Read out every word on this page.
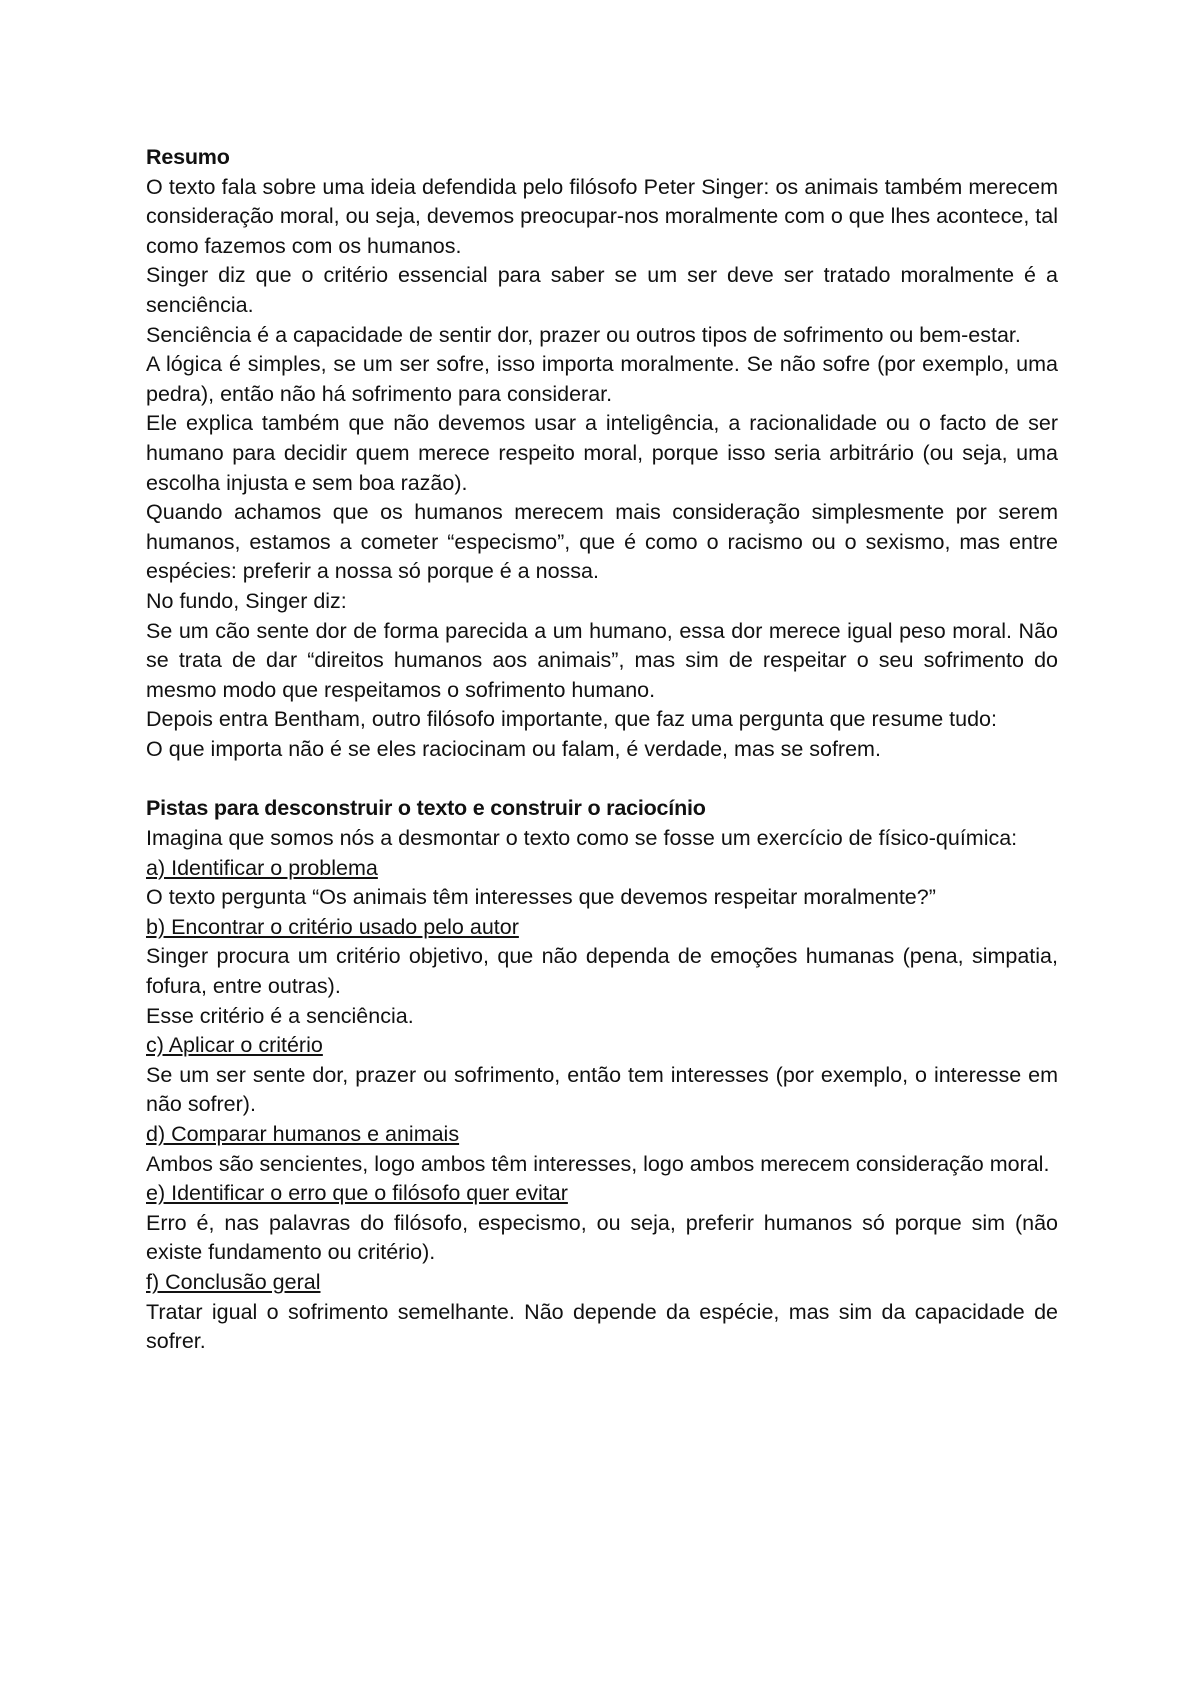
Resumo

O texto fala sobre uma ideia defendida pelo filósofo Peter Singer: os animais também merecem consideração moral, ou seja, devemos preocupar-nos moralmente com o que lhes acontece, tal como fazemos com os humanos.

Singer diz que o critério essencial para saber se um ser deve ser tratado moralmente é a senciência.

Senciência é a capacidade de sentir dor, prazer ou outros tipos de sofrimento ou bem-estar.

A lógica é simples, se um ser sofre, isso importa moralmente. Se não sofre (por exemplo, uma pedra), então não há sofrimento para considerar.

Ele explica também que não devemos usar a inteligência, a racionalidade ou o facto de ser humano para decidir quem merece respeito moral, porque isso seria arbitrário (ou seja, uma escolha injusta e sem boa razão).

Quando achamos que os humanos merecem mais consideração simplesmente por serem humanos, estamos a cometer “especismo”, que é como o racismo ou o sexismo, mas entre espécies: preferir a nossa só porque é a nossa.

No fundo, Singer diz:

Se um cão sente dor de forma parecida a um humano, essa dor merece igual peso moral. Não se trata de dar “direitos humanos aos animais”, mas sim de respeitar o seu sofrimento do mesmo modo que respeitamos o sofrimento humano.

Depois entra Bentham, outro filósofo importante, que faz uma pergunta que resume tudo:

O que importa não é se eles raciocinam ou falam, é verdade, mas se sofrem.

Pistas para desconstruir o texto e construir o raciocínio

Imagina que somos nós a desmontar o texto como se fosse um exercício de físico-química:

a) Identificar o problema

O texto pergunta “Os animais têm interesses que devemos respeitar moralmente?”

b) Encontrar o critério usado pelo autor

Singer procura um critério objetivo, que não dependa de emoções humanas (pena, simpatia, fofura, entre outras).

Esse critério é a senciência.

c) Aplicar o critério

Se um ser sente dor, prazer ou sofrimento, então tem interesses (por exemplo, o interesse em não sofrer).

d) Comparar humanos e animais

Ambos são sencientes, logo ambos têm interesses, logo ambos merecem consideração moral.

e) Identificar o erro que o filósofo quer evitar

Erro é, nas palavras do filósofo, especismo, ou seja, preferir humanos só porque sim (não existe fundamento ou critério).

f) Conclusão geral

Tratar igual o sofrimento semelhante. Não depende da espécie, mas sim da capacidade de sofrer.
